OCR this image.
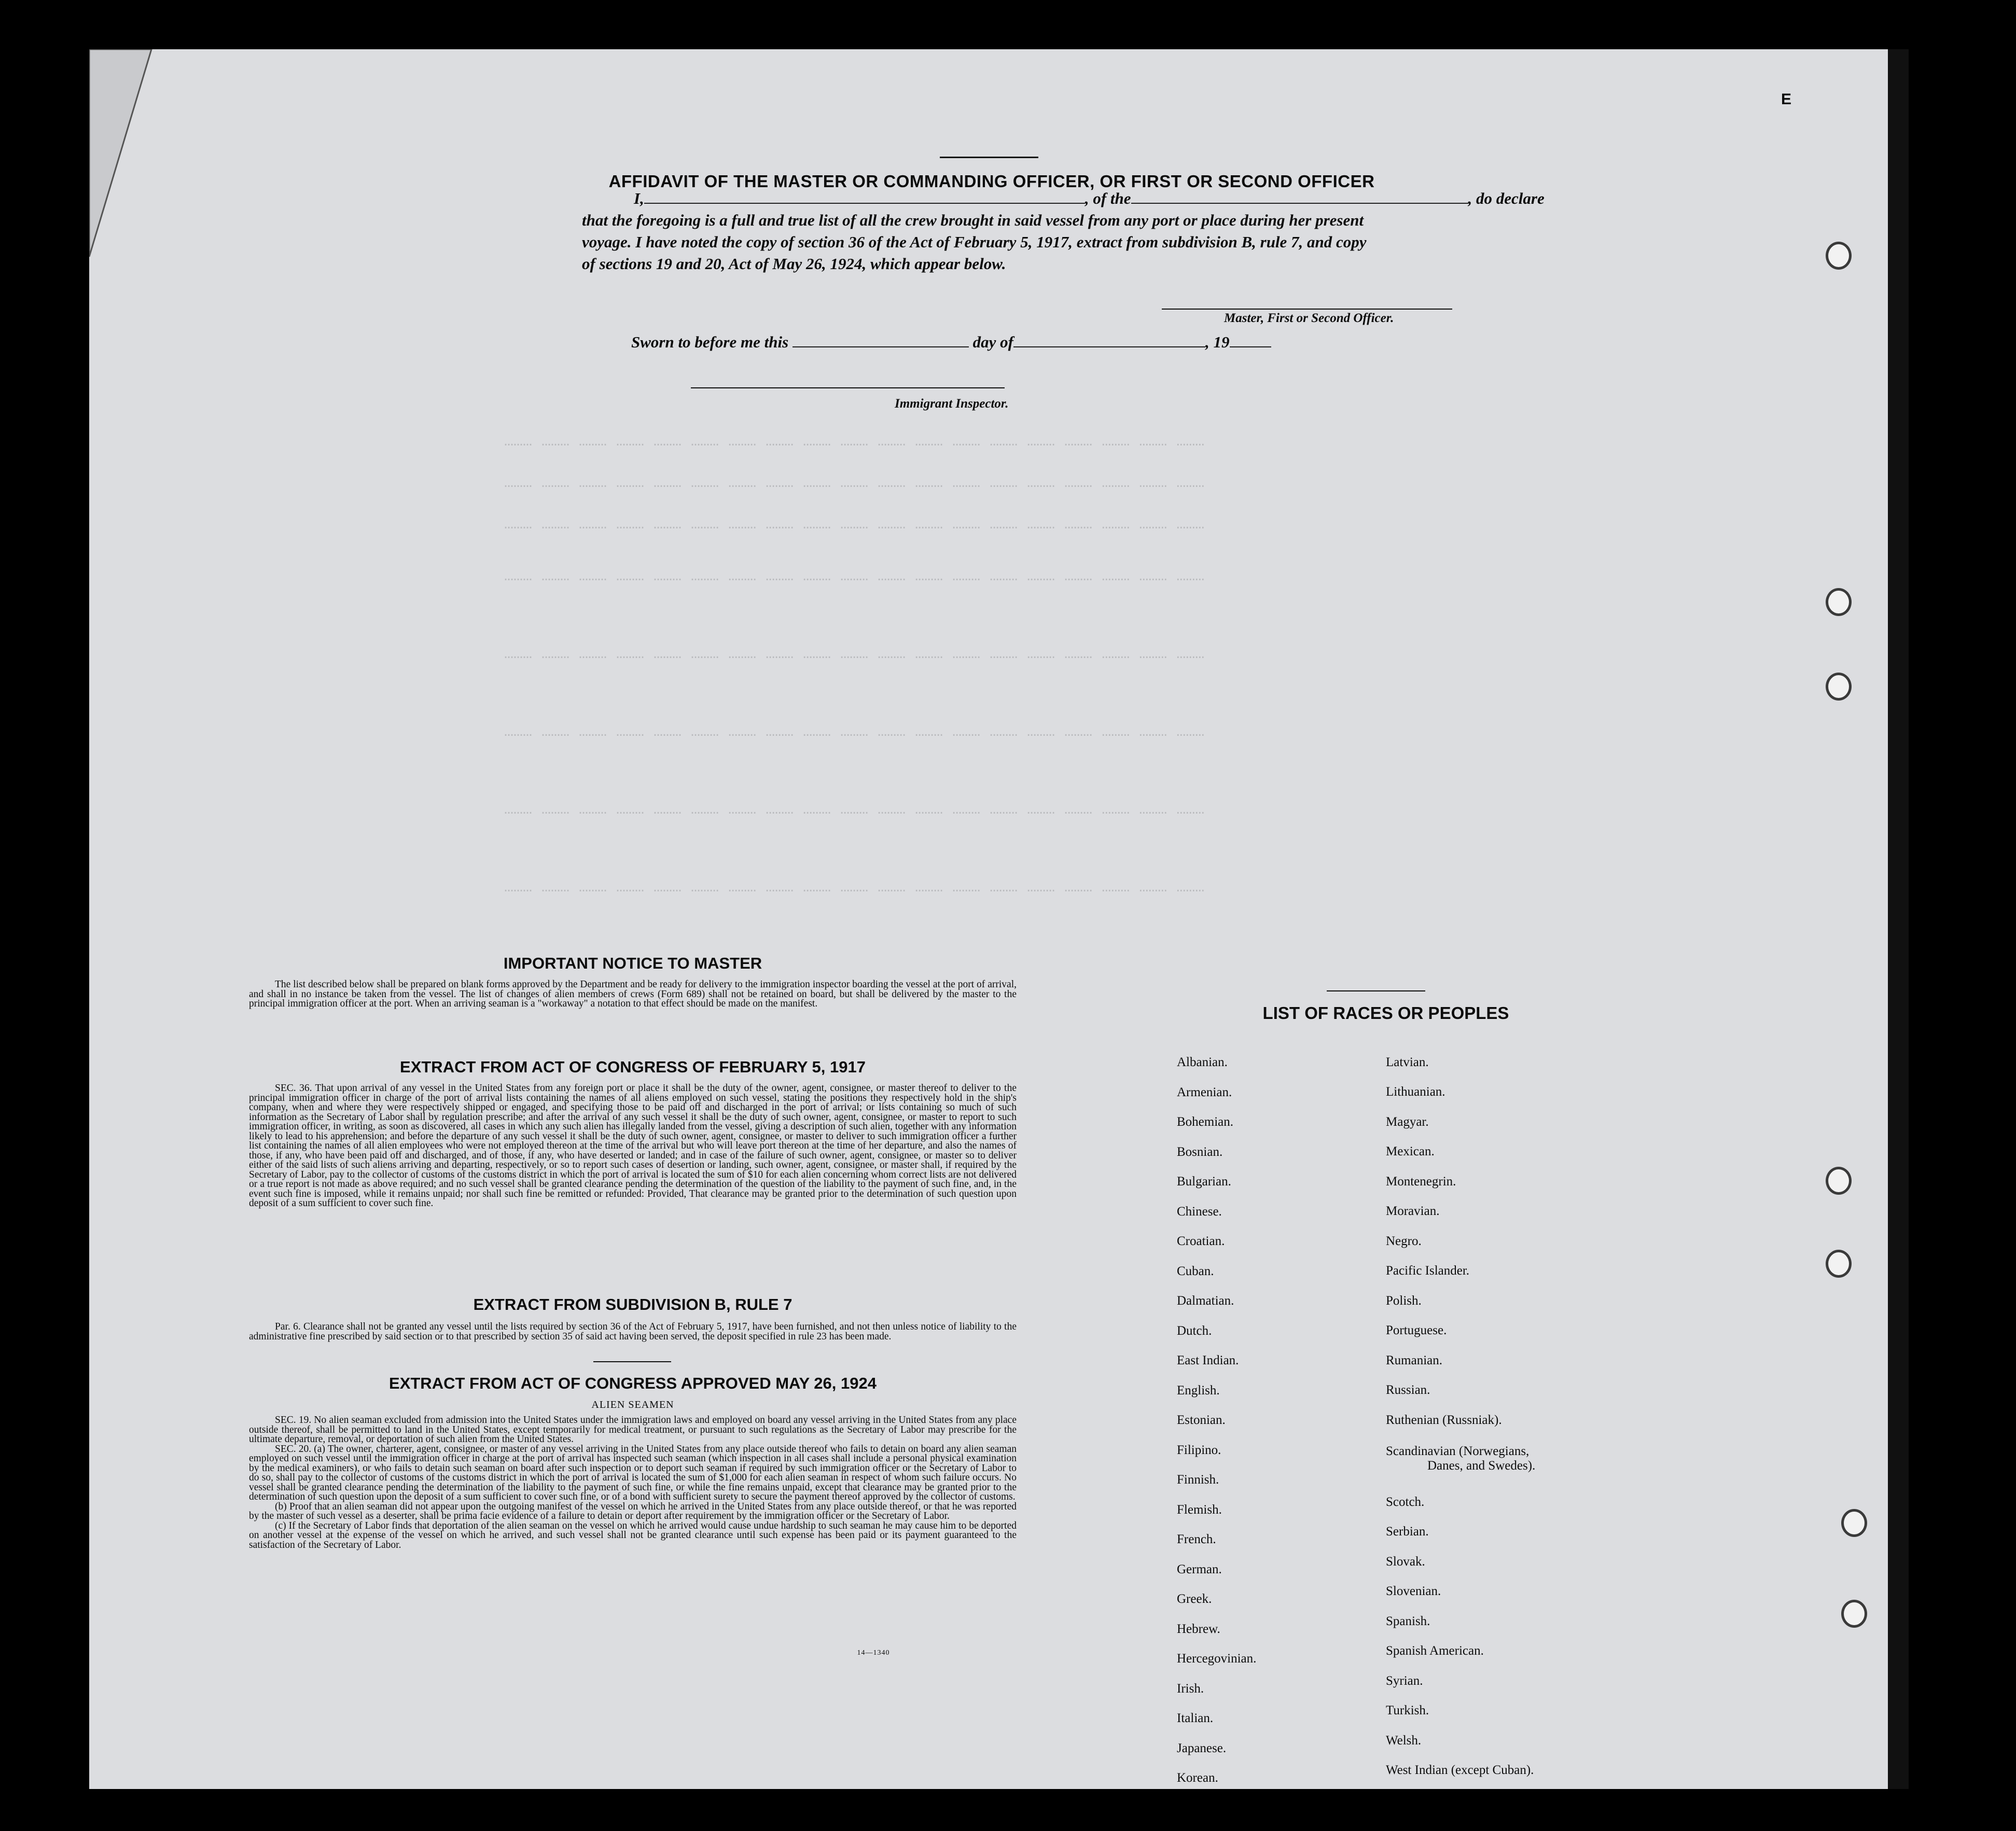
……… ……… ……… ……… ……… ……… ……… ……… ……… ……… ……… ……… ……… ……… ……… ……… ……… ……… ………
……… ……… ……… ……… ……… ……… ……… ……… ……… ……… ……… ……… ……… ……… ……… ……… ……… ……… ………
……… ……… ……… ……… ……… ……… ……… ……… ……… ……… ……… ……… ……… ……… ……… ……… ……… ……… ………
……… ……… ……… ……… ……… ……… ……… ……… ……… ……… ……… ……… ……… ……… ……… ……… ……… ……… ………
……… ……… ……… ……… ……… ……… ……… ……… ……… ……… ……… ……… ……… ……… ……… ……… ……… ……… ………
……… ……… ……… ……… ……… ……… ……… ……… ……… ……… ……… ……… ……… ……… ……… ……… ……… ……… ………
……… ……… ……… ……… ……… ……… ……… ……… ……… ……… ……… ……… ……… ……… ……… ……… ……… ……… ………
……… ……… ……… ……… ……… ……… ……… ……… ……… ……… ……… ……… ……… ……… ……… ……… ……… ……… ………
AFFIDAVIT OF THE MASTER OR COMMANDING OFFICER, OR FIRST OR SECOND OFFICER
I,	, of the	, do declare
that the foregoing is a full and true list of all the crew brought in said vessel from any port or place during her present
voyage. I have noted the copy of section 36 of the Act of February 5, 1917, extract from subdivision B, rule 7, and copy
of sections 19 and 20, Act of May 26, 1924, which appear below.
Master, First or Second Officer.
Sworn to before me this	day of	, 19
Immigrant Inspector.
IMPORTANT NOTICE TO MASTER

The list described below shall be prepared on blank forms approved by the Department and be ready for delivery to the immigration inspector boarding the vessel at the port of arrival, and shall in no instance be taken from the vessel. The list of changes of alien members of crews (Form 689) shall not be retained on board, but shall be delivered by the master to the principal immigration officer at the port. When an arriving seaman is a "workaway" a notation to that effect should be made on the manifest.

EXTRACT FROM ACT OF CONGRESS OF FEBRUARY 5, 1917

SEC. 36. That upon arrival of any vessel in the United States from any foreign port or place it shall be the duty of the owner, agent, consignee, or master thereof to deliver to the principal immigration officer in charge of the port of arrival lists containing the names of all aliens employed on such vessel, stating the positions they respectively hold in the ship's company, when and where they were respectively shipped or engaged, and specifying those to be paid off and discharged in the port of arrival; or lists containing so much of such information as the Secretary of Labor shall by regulation prescribe; and after the arrival of any such vessel it shall be the duty of such owner, agent, consignee, or master to report to such immigration officer, in writing, as soon as discovered, all cases in which any such alien has illegally landed from the vessel, giving a description of such alien, together with any information likely to lead to his apprehension; and before the departure of any such vessel it shall be the duty of such owner, agent, consignee, or master to deliver to such immigration officer a further list containing the names of all alien employees who were not employed thereon at the time of the arrival but who will leave port thereon at the time of her departure, and also the names of those, if any, who have been paid off and discharged, and of those, if any, who have deserted or landed; and in case of the failure of such owner, agent, consignee, or master so to deliver either of the said lists of such aliens arriving and departing, respectively, or so to report such cases of desertion or landing, such owner, agent, consignee, or master shall, if required by the Secretary of Labor, pay to the collector of customs of the customs district in which the port of arrival is located the sum of $10 for each alien concerning whom correct lists are not delivered or a true report is not made as above required; and no such vessel shall be granted clearance pending the determination of the question of the liability to the payment of such fine, and, in the event such fine is imposed, while it remains unpaid; nor shall such fine be remitted or refunded: Provided, That clearance may be granted prior to the determination of such question upon deposit of a sum sufficient to cover such fine.

EXTRACT FROM SUBDIVISION B, RULE 7

Par. 6. Clearance shall not be granted any vessel until the lists required by section 36 of the Act of February 5, 1917, have been furnished, and not then unless notice of liability to the administrative fine prescribed by said section or to that prescribed by section 35 of said act having been served, the deposit specified in rule 23 has been made.

EXTRACT FROM ACT OF CONGRESS APPROVED MAY 26, 1924
ALIEN SEAMEN

SEC. 19. No alien seaman excluded from admission into the United States under the immigration laws and employed on board any vessel arriving in the United States from any place outside thereof, shall be permitted to land in the United States, except temporarily for medical treatment, or pursuant to such regulations as the Secretary of Labor may prescribe for the ultimate departure, removal, or deportation of such alien from the United States.

SEC. 20. (a) The owner, charterer, agent, consignee, or master of any vessel arriving in the United States from any place outside thereof who fails to detain on board any alien seaman employed on such vessel until the immigration officer in charge at the port of arrival has inspected such seaman (which inspection in all cases shall include a personal physical examination by the medical examiners), or who fails to detain such seaman on board after such inspection or to deport such seaman if required by such immigration officer or the Secretary of Labor to do so, shall pay to the collector of customs of the customs district in which the port of arrival is located the sum of $1,000 for each alien seaman in respect of whom such failure occurs. No vessel shall be granted clearance pending the determination of the liability to the payment of such fine, or while the fine remains unpaid, except that clearance may be granted prior to the determination of such question upon the deposit of a sum sufficient to cover such fine, or of a bond with sufficient surety to secure the payment thereof approved by the collector of customs.

(b) Proof that an alien seaman did not appear upon the outgoing manifest of the vessel on which he arrived in the United States from any place outside thereof, or that he was reported by the master of such vessel as a deserter, shall be prima facie evidence of a failure to detain or deport after requirement by the immigration officer or the Secretary of Labor.

(c) If the Secretary of Labor finds that deportation of the alien seaman on the vessel on which he arrived would cause undue hardship to such seaman he may cause him to be deported on another vessel at the expense of the vessel on which he arrived, and such vessel shall not be granted clearance until such expense has been paid or its payment guaranteed to the satisfaction of the Secretary of Labor.

14—1340
LIST OF RACES OR PEOPLES
Albanian.
Armenian.
Bohemian.
Bosnian.
Bulgarian.
Chinese.
Croatian.
Cuban.
Dalmatian.
Dutch.
East Indian.
English.
Estonian.
Filipino.
Finnish.
Flemish.
French.
German.
Greek.
Hebrew.
Hercegovinian.
Irish.
Italian.
Japanese.
Korean.
Latvian.
Lithuanian.
Magyar.
Mexican.
Montenegrin.
Moravian.
Negro.
Pacific Islander.
Polish.
Portuguese.
Rumanian.
Russian.
Ruthenian (Russniak).
Scandinavian (Norwegians,
Danes, and Swedes).
Scotch.
Serbian.
Slovak.
Slovenian.
Spanish.
Spanish American.
Syrian.
Turkish.
Welsh.
West Indian (except Cuban).
E
